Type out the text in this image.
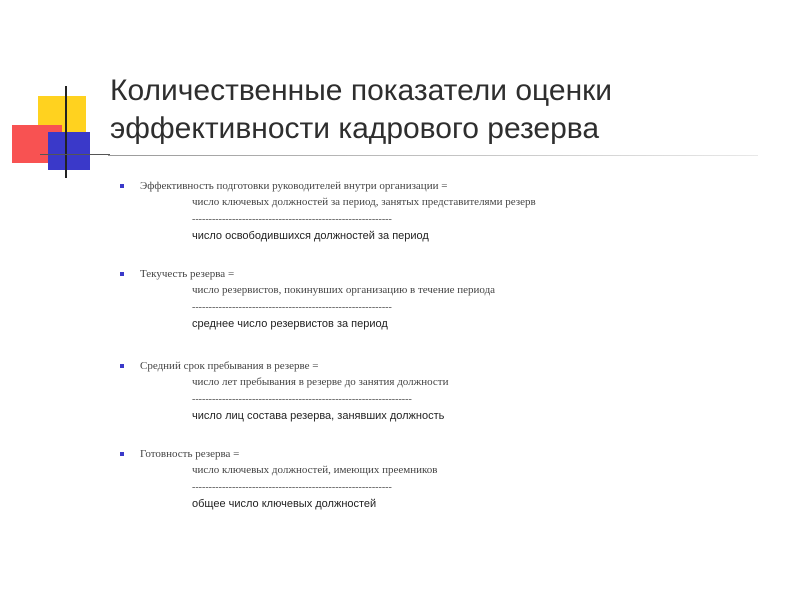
Количественные показатели оценки
эффективности кадрового резерва
Эффективность подготовки руководителей внутри организации =
число ключевых должностей за период, занятых представителями резерв
------------------------------------------------------------
число освободившихся должностей за период
Текучесть резерва =
число резервистов, покинувших организацию в течение периода
------------------------------------------------------------
среднее число резервистов за период
Средний срок пребывания в резерве =
число лет пребывания в резерве до занятия должности
------------------------------------------------------------------
число лиц состава резерва, занявших должность
Готовность резерва =
число ключевых должностей, имеющих преемников
------------------------------------------------------------
общее число ключевых должностей
